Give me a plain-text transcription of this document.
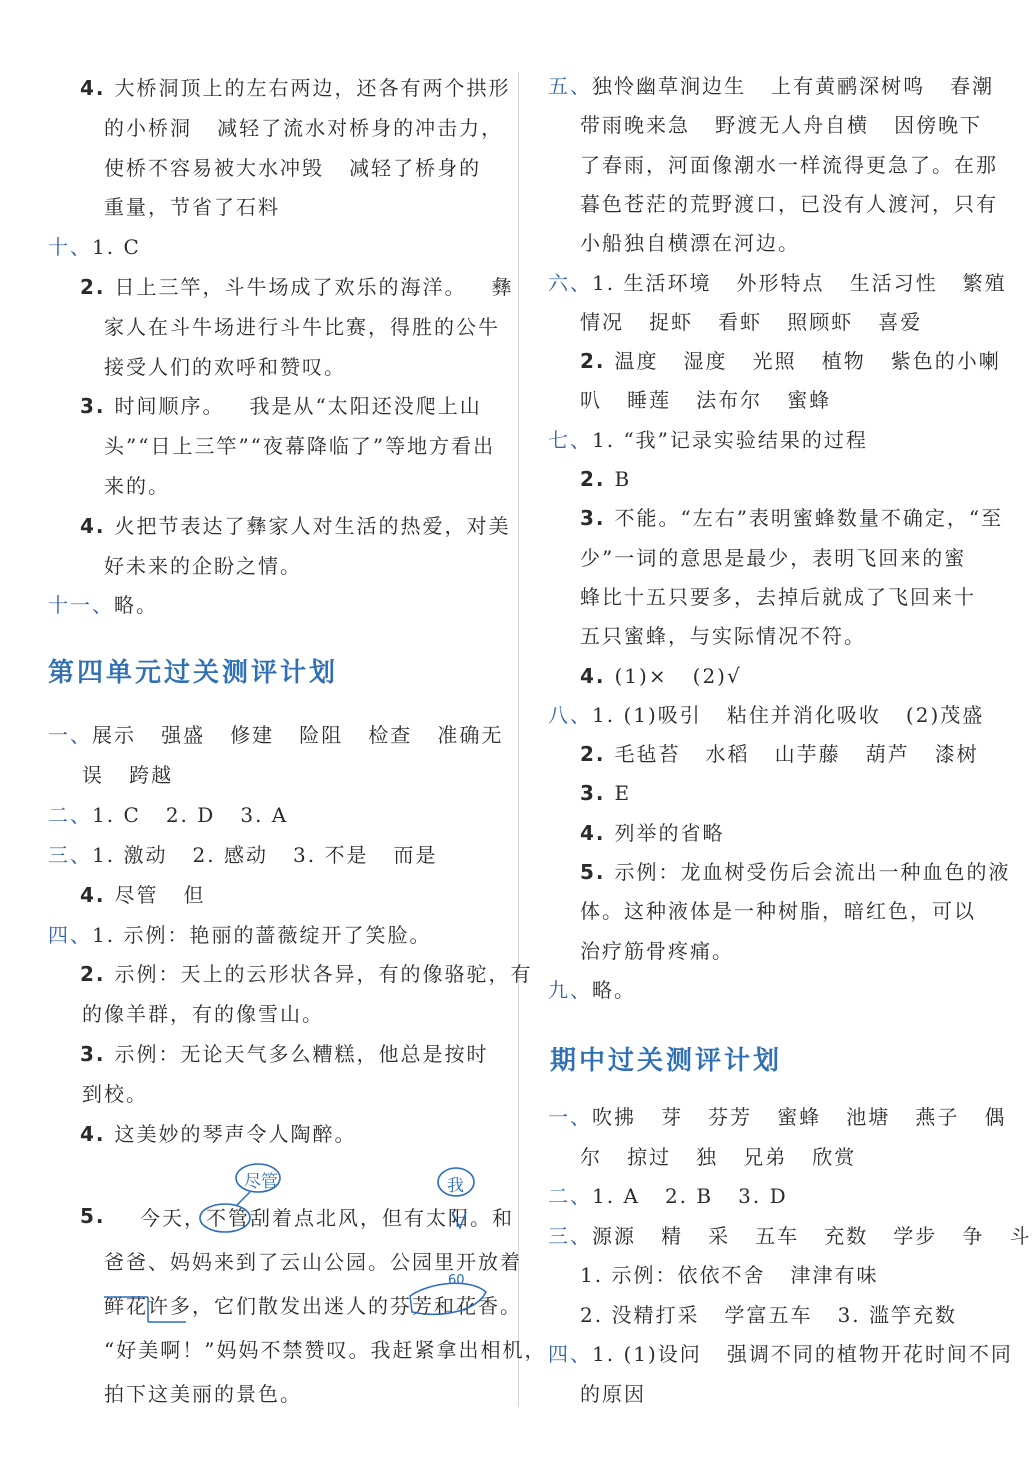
4. 大桥洞顶上的左右两边，还各有两个拱形
的小桥洞   减轻了流水对桥身的冲击力，
使桥不容易被大水冲毁   减轻了桥身的
重量，节省了石料
十、1. C
2. 日上三竿，斗牛场成了欢乐的海洋。   彝
家人在斗牛场进行斗牛比赛，得胜的公牛
接受人们的欢呼和赞叹。
3. 时间顺序。   我是从“太阳还没爬上山
头”“日上三竿”“夜幕降临了”等地方看出
来的。
4. 火把节表达了彝家人对生活的热爱，对美
好未来的企盼之情。
十一、略。
第四单元过关测评计划
一、展示   强盛   修建   险阻   检查   准确无
误   跨越
二、1. C   2. D   3. A
三、1. 激动   2. 感动   3. 不是   而是
4. 尽管   但
四、1. 示例：艳丽的蔷薇绽开了笑脸。
2. 示例：天上的云形状各异，有的像骆驼，有
的像羊群，有的像雪山。
3. 示例：无论天气多么糟糕，他总是按时
到校。
4. 这美妙的琴声令人陶醉。
5. 今天，不管刮着点北风，但有太阳。和
爸爸、妈妈来到了云山公园。公园里开放着
鲜花许多，它们散发出迷人的芬芳和花香。
“好美啊！”妈妈不禁赞叹。我赶紧拿出相机，
拍下这美丽的景色。
尽管	我
60
五、独怜幽草涧边生   上有黄鹂深树鸣   春潮
带雨晚来急   野渡无人舟自横   因傍晚下
了春雨，河面像潮水一样流得更急了。在那
暮色苍茫的荒野渡口，已没有人渡河，只有
小船独自横漂在河边。
六、1. 生活环境   外形特点   生活习性   繁殖
情况   捉虾   看虾   照顾虾   喜爱
2. 温度   湿度   光照   植物   紫色的小喇
叭   睡莲   法布尔   蜜蜂
七、1. “我”记录实验结果的过程
2. B
3. 不能。“左右”表明蜜蜂数量不确定，“至
少”一词的意思是最少，表明飞回来的蜜
蜂比十五只要多，去掉后就成了飞回来十
五只蜜蜂，与实际情况不符。
4. (1)×   (2)√
八、1. (1)吸引   粘住并消化吸收   (2)茂盛
2. 毛毡苔   水稻   山芋藤   葫芦   漆树
3. E
4. 列举的省略
5. 示例：龙血树受伤后会流出一种血色的液
体。这种液体是一种树脂，暗红色，可以
治疗筋骨疼痛。
九、略。
期中过关测评计划
一、吹拂   芽   芬芳   蜜蜂   池塘   燕子   偶
尔   掠过   独   兄弟   欣赏
二、1. A   2. B   3. D
三、源源   精   采   五车   充数   学步   争   斗
1. 示例：依依不舍   津津有味
2. 没精打采   学富五车   3. 滥竽充数
四、1. (1)设问   强调不同的植物开花时间不同
的原因
